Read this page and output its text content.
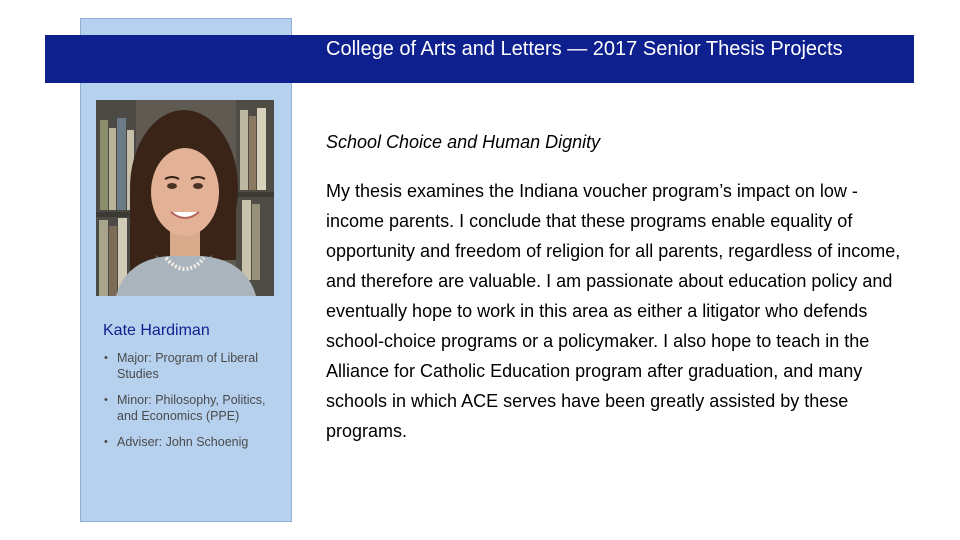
College of Arts and Letters — 2017 Senior Thesis Projects
Kate Hardiman
• Major: Program of Liberal Studies
• Minor: Philosophy, Politics, and Economics (PPE)
• Adviser: John Schoenig
School Choice and Human Dignity

My thesis examines the Indiana voucher program’s impact on low -income parents. I conclude that these programs enable equality of opportunity and freedom of religion for all parents, regardless of income, and therefore are valuable. I am passionate about education policy and eventually hope to work in this area as either a litigator who defends school-choice programs or a policymaker. I also hope to teach in the Alliance for Catholic Education program after graduation, and many schools in which ACE serves have been greatly assisted by these programs.
